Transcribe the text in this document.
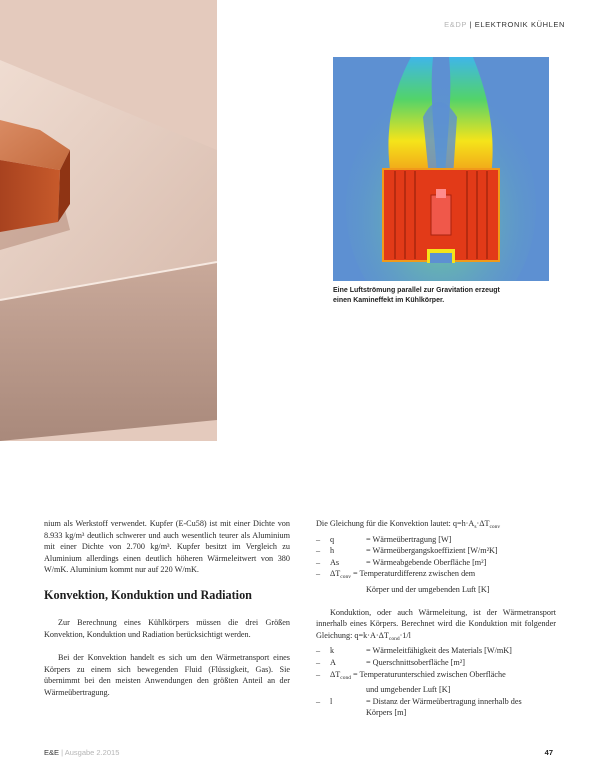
E&DP | ELEKTRONIK KÜHLEN
Eine Luftströmung parallel zur Gravitation erzeugt
einen Kamineffekt im Kühlkörper.

nium als Werkstoff verwendet. Kupfer (E-Cu58) ist mit einer Dichte von 8.933 kg/m³ deutlich schwerer und auch wesentlich teurer als Aluminium mit einer Dichte von 2.700 kg/m³. Kupfer besitzt im Vergleich zu Aluminium allerdings einen deutlich höheren Wärmeleitwert von 380 W/mK. Aluminium kommt nur auf 220 W/mK.

Konvektion, Konduktion und Radiation

Zur Berechnung eines Kühlkörpers müssen die drei Größen Konvektion, Konduktion und Radiation berücksichtigt werden.

Bei der Konvektion handelt es sich um den Wärmetransport eines Körpers zu einem sich bewegenden Fluid (Flüssigkeit, Gas). Sie übernimmt bei den meisten Anwendungen den größten Anteil an der Wärmeübertragung.

Die Gleichung für die Konvektion lautet: $q=h\cdot A_s\cdot\Delta T_{conv}$

–	q	= Wärmeübertragung [W]
–	h	= Wärmeübergangskoeffizient [W/m²K]
–	As	= Wärmeabgebende Oberfläche [m²]
–	$\Delta T_{conv}$ = Temperaturdifferenz zwischen dem
Körper und der umgebenden Luft [K]

Konduktion, oder auch Wärmeleitung, ist der Wärmetransport innerhalb eines Körpers. Berechnet wird die Konduktion mit folgender Gleichung: $q=k\cdot A\cdot\Delta T_{cond}\cdot 1/l$

–	k	= Wärmeleitfähigkeit des Materials [W/mK]
–	A	= Querschnittsoberfläche [m²]
–	$\Delta T_{cond}$ = Temperaturunterschied zwischen Oberfläche
und umgebender Luft [K]
–	l	= Distanz der Wärmeübertragung innerhalb des
Körpers [m]
E&E | Ausgabe 2.2015	47
